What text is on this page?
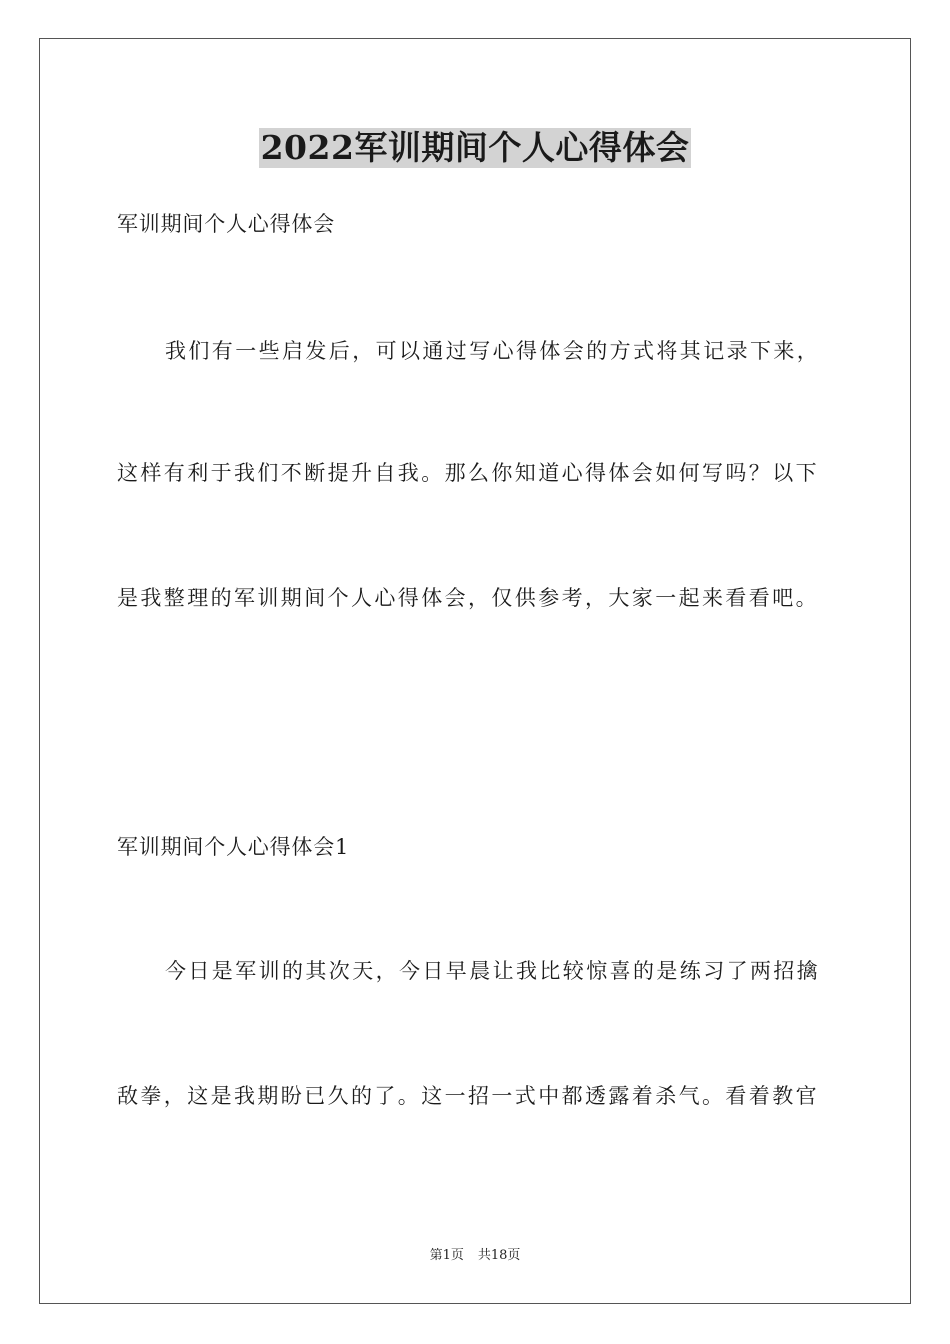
2022军训期间个人心得体会

军训期间个人心得体会

我们有一些启发后，可以通过写心得体会的方式将其记录下来，

这样有利于我们不断提升自我。那么你知道心得体会如何写吗？以下

是我整理的军训期间个人心得体会，仅供参考，大家一起来看看吧。

军训期间个人心得体会1

今日是军训的其次天，今日早晨让我比较惊喜的是练习了两招擒

敌拳，这是我期盼已久的了。这一招一式中都透露着杀气。看着教官

第1页 共18页
